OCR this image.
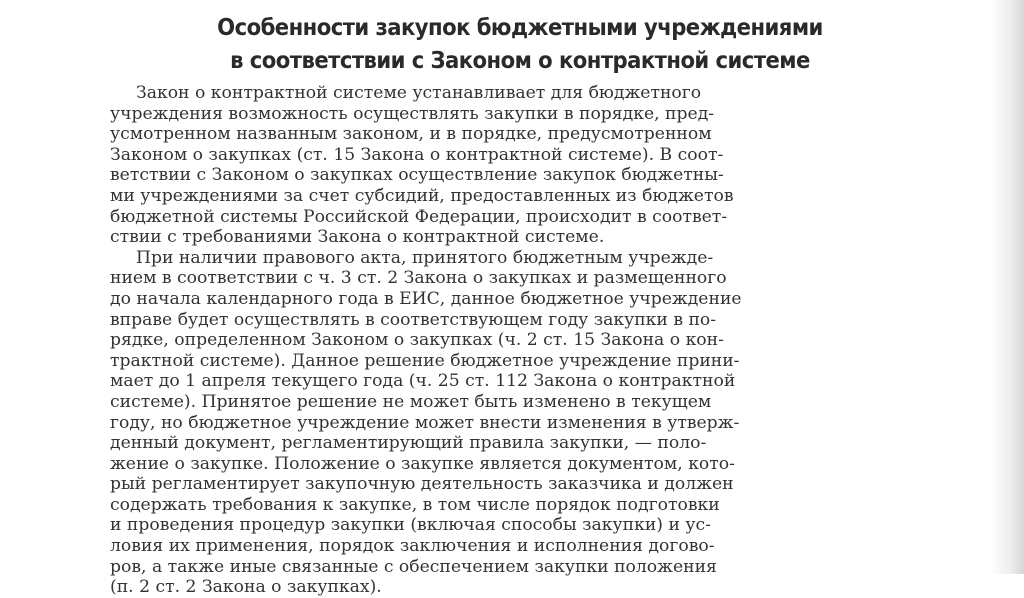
Особенности закупок бюджетными учреждениями
в соответствии с Законом о контрактной системе
Закон о контрактной системе устанавливает для бюджетного
учреждения возможность осуществлять закупки в порядке, пред-
усмотренном названным законом, и в порядке, предусмотренном
Законом о закупках (ст. 15 Закона о контрактной системе). В соот-
ветствии с Законом о закупках осуществление закупок бюджетны-
ми учреждениями за счет субсидий, предоставленных из бюджетов
бюджетной системы Российской Федерации, происходит в соответ-
ствии с требованиями Закона о контрактной системе.
При наличии правового акта, принятого бюджетным учрежде-
нием в соответствии с ч. 3 ст. 2 Закона о закупках и размещенного
до начала календарного года в ЕИС, данное бюджетное учреждение
вправе будет осуществлять в соответствующем году закупки в по-
рядке, определенном Законом о закупках (ч. 2 ст. 15 Закона о кон-
трактной системе). Данное решение бюджетное учреждение прини-
мает до 1 апреля текущего года (ч. 25 ст. 112 Закона о контрактной
системе). Принятое решение не может быть изменено в текущем
году, но бюджетное учреждение может внести изменения в утверж-
денный документ, регламентирующий правила закупки, — поло-
жение о закупке. Положение о закупке является документом, кото-
рый регламентирует закупочную деятельность заказчика и должен
содержать требования к закупке, в том числе порядок подготовки
и проведения процедур закупки (включая способы закупки) и ус-
ловия их применения, порядок заключения и исполнения догово-
ров, а также иные связанные с обеспечением закупки положения
(п. 2 ст. 2 Закона о закупках).
